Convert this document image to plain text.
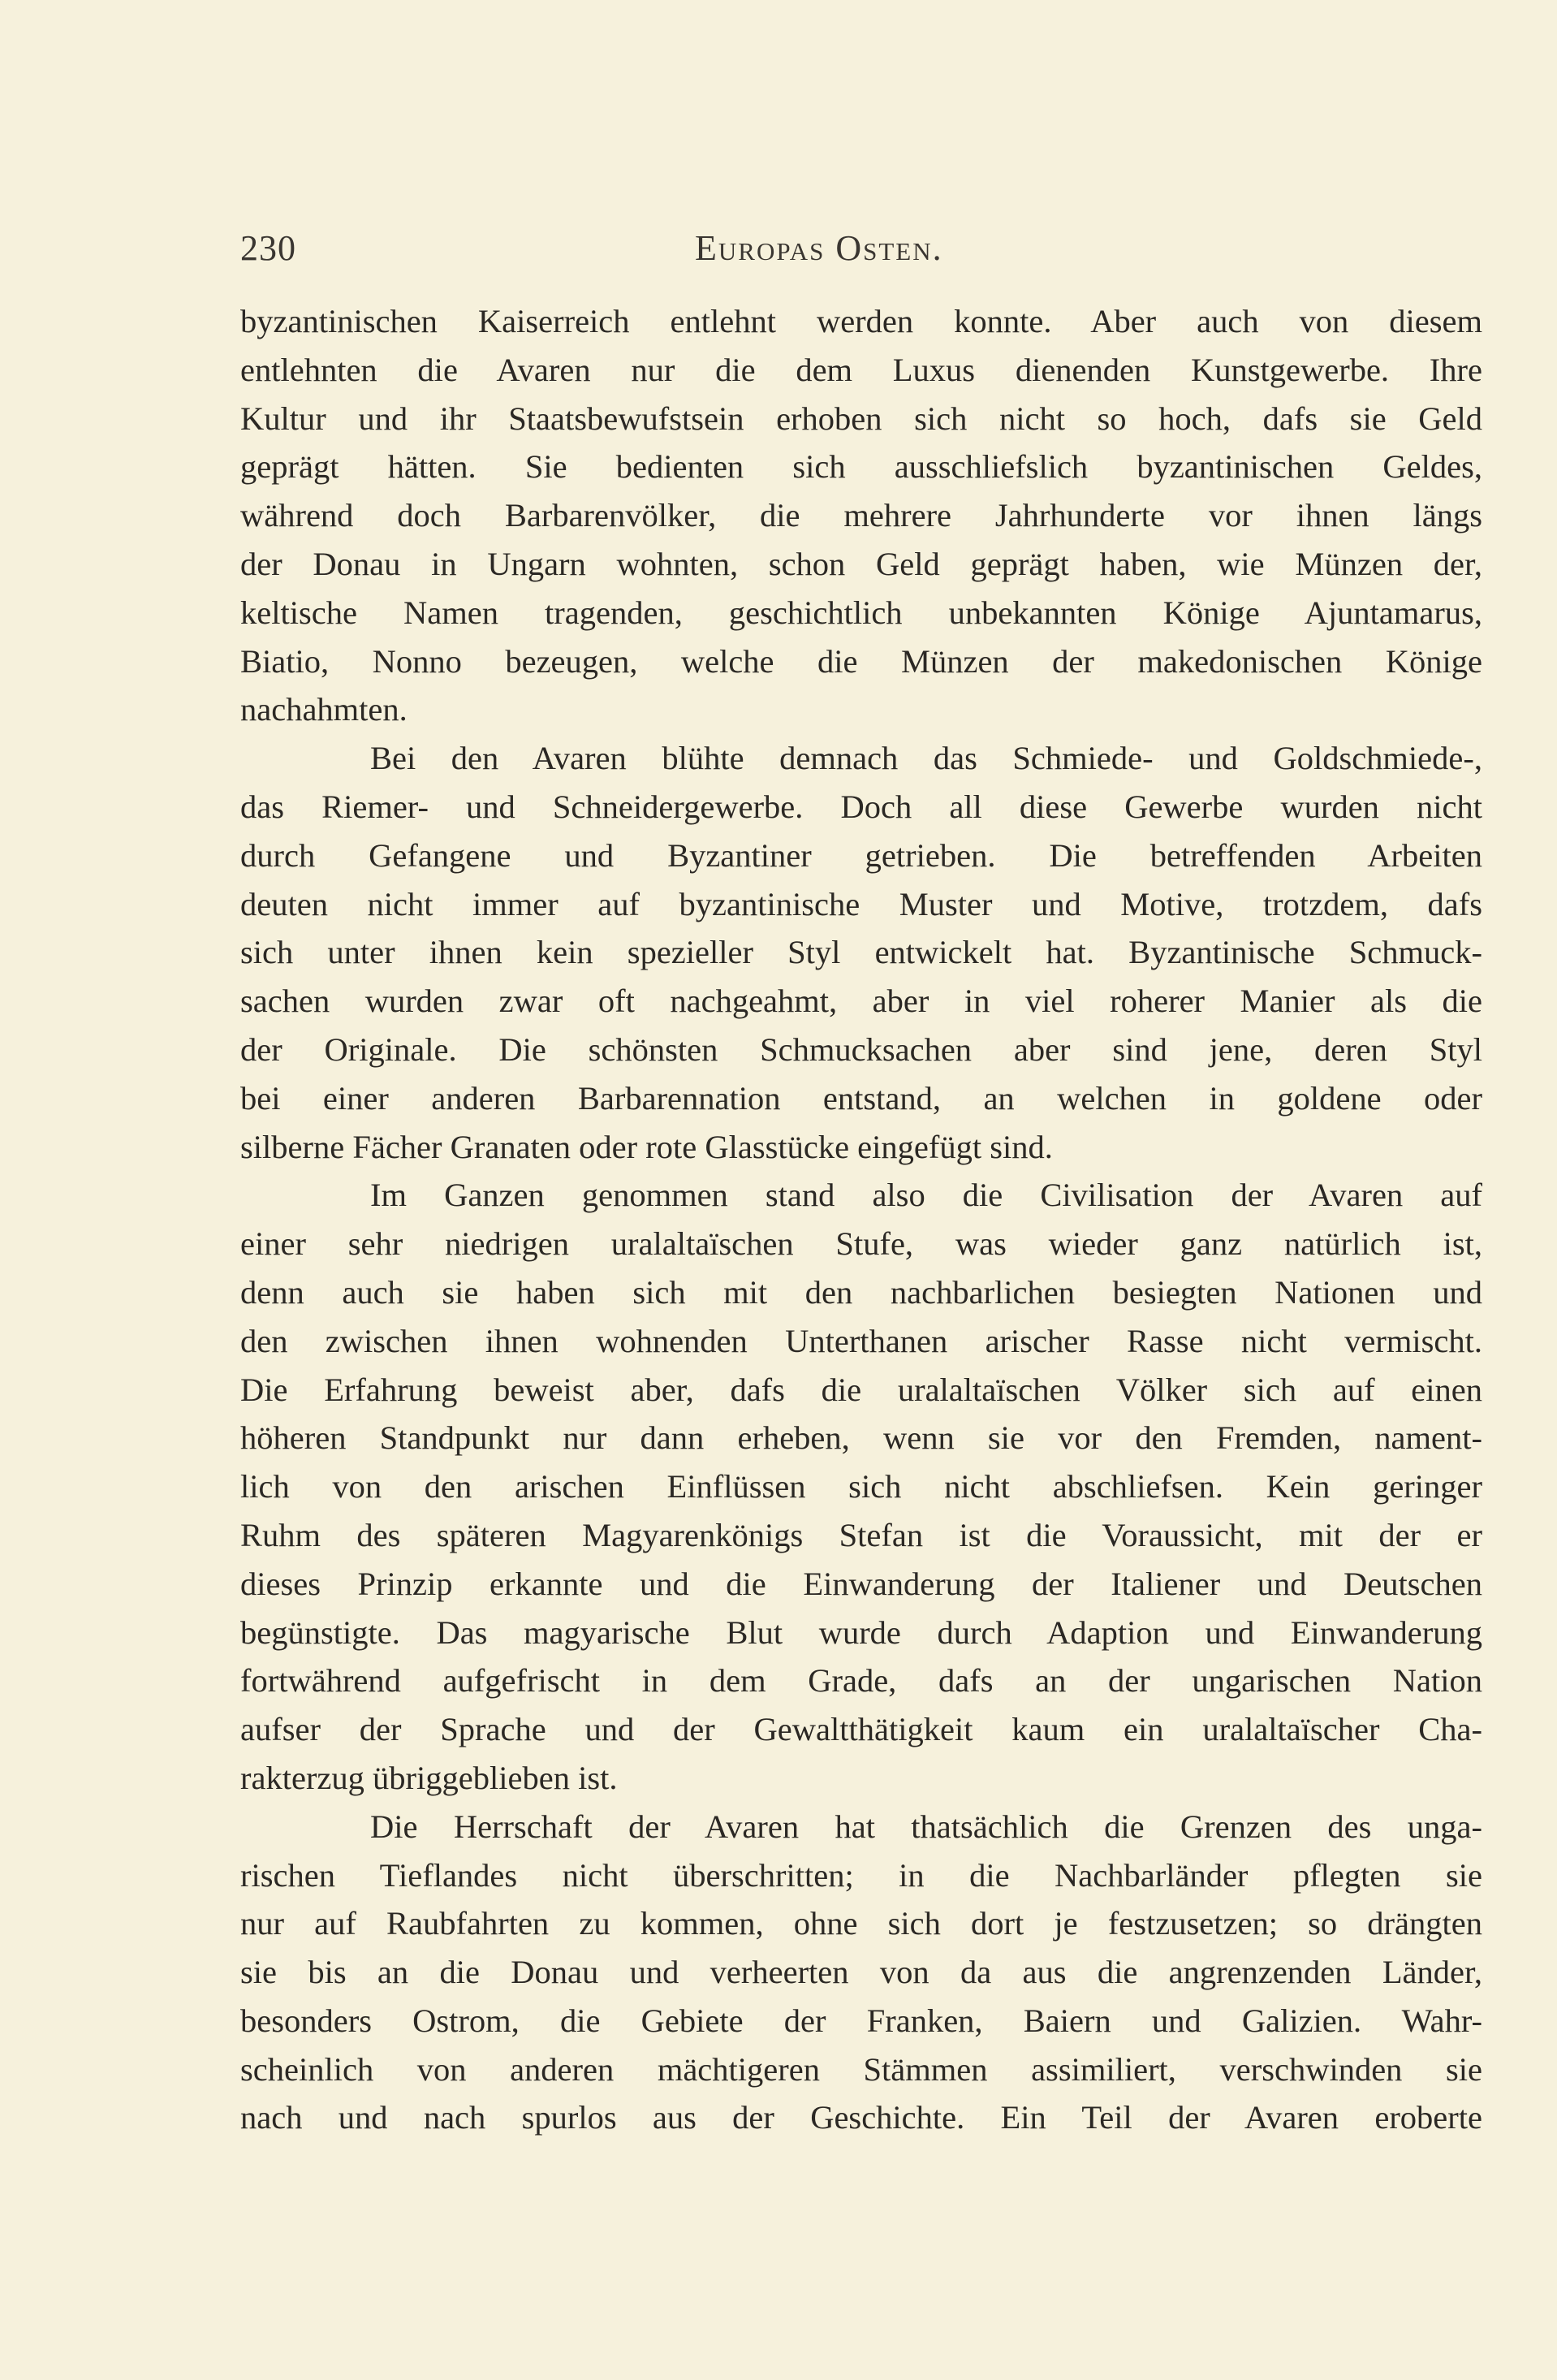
230	Europas Osten.

byzantinischen Kaiserreich entlehnt werden konnte. Aber auch von diesem
entlehnten die Avaren nur die dem Luxus dienenden Kunstgewerbe. Ihre
Kultur und ihr Staatsbewufstsein erhoben sich nicht so hoch, dafs sie Geld
geprägt hätten. Sie bedienten sich ausschliefslich byzantinischen Geldes,
während doch Barbarenvölker, die mehrere Jahrhunderte vor ihnen längs
der Donau in Ungarn wohnten, schon Geld geprägt haben, wie Münzen der,
keltische Namen tragenden, geschichtlich unbekannten Könige Ajuntamarus,
Biatio, Nonno bezeugen, welche die Münzen der makedonischen Könige
nachahmten.

Bei den Avaren blühte demnach das Schmiede- und Goldschmiede-,
das Riemer- und Schneidergewerbe. Doch all diese Gewerbe wurden nicht
durch Gefangene und Byzantiner getrieben. Die betreffenden Arbeiten
deuten nicht immer auf byzantinische Muster und Motive, trotzdem, dafs
sich unter ihnen kein spezieller Styl entwickelt hat. Byzantinische Schmuck-
sachen wurden zwar oft nachgeahmt, aber in viel roherer Manier als die
der Originale. Die schönsten Schmucksachen aber sind jene, deren Styl
bei einer anderen Barbarennation entstand, an welchen in goldene oder
silberne Fächer Granaten oder rote Glasstücke eingefügt sind.

Im Ganzen genommen stand also die Civilisation der Avaren auf
einer sehr niedrigen uralaltaïschen Stufe, was wieder ganz natürlich ist,
denn auch sie haben sich mit den nachbarlichen besiegten Nationen und
den zwischen ihnen wohnenden Unterthanen arischer Rasse nicht vermischt.
Die Erfahrung beweist aber, dafs die uralaltaïschen Völker sich auf einen
höheren Standpunkt nur dann erheben, wenn sie vor den Fremden, nament-
lich von den arischen Einflüssen sich nicht abschliefsen. Kein geringer
Ruhm des späteren Magyarenkönigs Stefan ist die Voraussicht, mit der er
dieses Prinzip erkannte und die Einwanderung der Italiener und Deutschen
begünstigte. Das magyarische Blut wurde durch Adaption und Einwanderung
fortwährend aufgefrischt in dem Grade, dafs an der ungarischen Nation
aufser der Sprache und der Gewaltthätigkeit kaum ein uralaltaïscher Cha-
rakterzug übriggeblieben ist.

Die Herrschaft der Avaren hat thatsächlich die Grenzen des unga-
rischen Tieflandes nicht überschritten; in die Nachbarländer pflegten sie
nur auf Raubfahrten zu kommen, ohne sich dort je festzusetzen; so drängten
sie bis an die Donau und verheerten von da aus die angrenzenden Länder,
besonders Ostrom, die Gebiete der Franken, Baiern und Galizien. Wahr-
scheinlich von anderen mächtigeren Stämmen assimiliert, verschwinden sie
nach und nach spurlos aus der Geschichte. Ein Teil der Avaren eroberte
